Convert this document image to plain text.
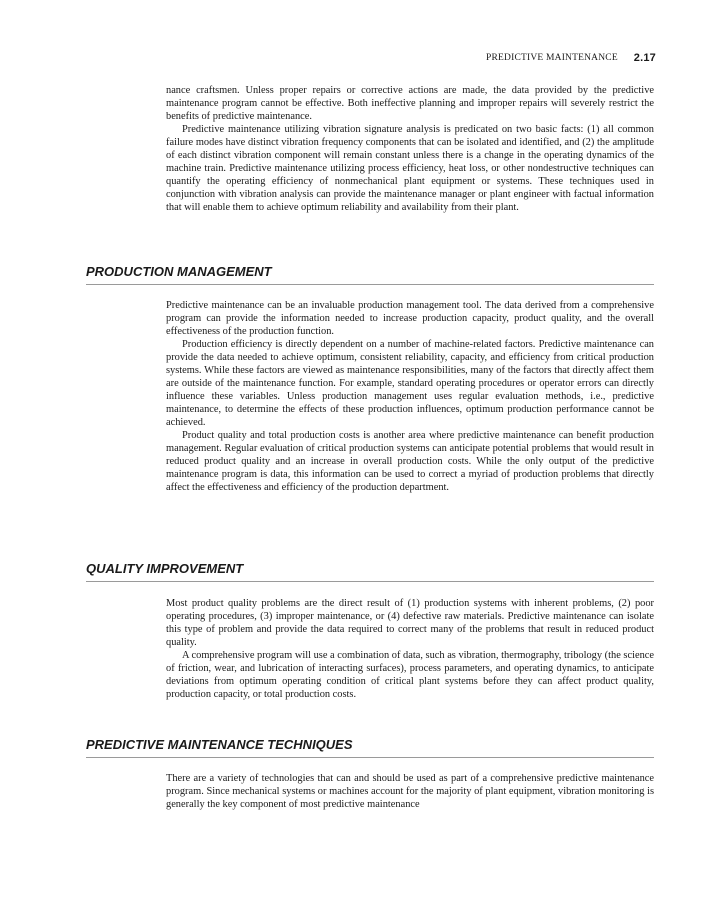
PREDICTIVE MAINTENANCE 2.17

nance craftsmen. Unless proper repairs or corrective actions are made, the data provided by the predictive maintenance program cannot be effective. Both ineffective planning and improper repairs will severely restrict the benefits of predictive maintenance.

Predictive maintenance utilizing vibration signature analysis is predicated on two basic facts: (1) all common failure modes have distinct vibration frequency components that can be isolated and identified, and (2) the amplitude of each distinct vibration component will remain constant unless there is a change in the operating dynamics of the machine train. Predictive maintenance utilizing process efficiency, heat loss, or other nondestructive techniques can quantify the operating efficiency of nonmechanical plant equipment or systems. These techniques used in conjunction with vibration analysis can provide the maintenance manager or plant engineer with factual information that will enable them to achieve optimum reliability and availability from their plant.

PRODUCTION MANAGEMENT

Predictive maintenance can be an invaluable production management tool. The data derived from a comprehensive program can provide the information needed to increase production capacity, product quality, and the overall effectiveness of the production function.

Production efficiency is directly dependent on a number of machine-related factors. Predictive maintenance can provide the data needed to achieve optimum, consistent reliability, capacity, and efficiency from critical production systems. While these factors are viewed as maintenance responsibilities, many of the factors that directly affect them are outside of the maintenance function. For example, standard operating procedures or operator errors can directly influence these variables. Unless production management uses regular evaluation methods, i.e., predictive maintenance, to determine the effects of these production influences, optimum production performance cannot be achieved.

Product quality and total production costs is another area where predictive maintenance can benefit production management. Regular evaluation of critical production systems can anticipate potential problems that would result in reduced product quality and an increase in overall production costs. While the only output of the predictive maintenance program is data, this information can be used to correct a myriad of production problems that directly affect the effectiveness and efficiency of the production department.

QUALITY IMPROVEMENT

Most product quality problems are the direct result of (1) production systems with inherent problems, (2) poor operating procedures, (3) improper maintenance, or (4) defective raw materials. Predictive maintenance can isolate this type of problem and provide the data required to correct many of the problems that result in reduced product quality.

A comprehensive program will use a combination of data, such as vibration, thermography, tribology (the science of friction, wear, and lubrication of interacting surfaces), process parameters, and operating dynamics, to anticipate deviations from optimum operating condition of critical plant systems before they can affect product quality, production capacity, or total production costs.

PREDICTIVE MAINTENANCE TECHNIQUES

There are a variety of technologies that can and should be used as part of a comprehensive predictive maintenance program. Since mechanical systems or machines account for the majority of plant equipment, vibration monitoring is generally the key component of most predictive maintenance
